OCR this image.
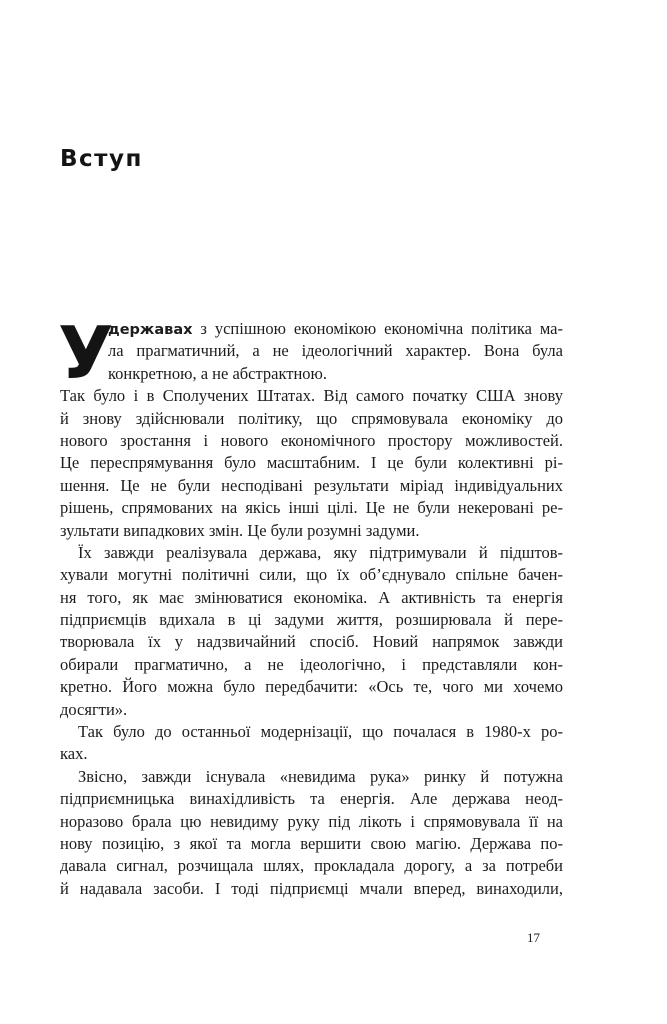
Вступ
У
державах з успішною економікою економічна політика ма-
ла прагматичний, а не ідеологічний характер. Вона була
конкретною, а не абстрактною.
Так було і в Сполучених Штатах. Від самого початку США знову
й знову здійснювали політику, що спрямовувала економіку до
нового зростання і нового економічного простору можливостей.
Це переспрямування було масштабним. І це були колективні рі-
шення. Це не були несподівані результати міріад індивідуальних
рішень, спрямованих на якісь інші цілі. Це не були некеровані ре-
зультати випадкових змін. Це були розумні задуми.
Їх завжди реалізувала держава, яку підтримували й підштов-
хували могутні політичні сили, що їх об’єднувало спільне бачен-
ня того, як має змінюватися економіка. А активність та енергія
підприємців вдихала в ці задуми життя, розширювала й пере-
творювала їх у надзвичайний спосіб. Новий напрямок завжди
обирали прагматично, а не ідеологічно, і представляли кон-
кретно. Його можна було передбачити: «Ось те, чого ми хочемо
досягти».
Так було до останньої модернізації, що почалася в 1980-х ро-
ках.
Звісно, завжди існувала «невидима рука» ринку й потужна
підприємницька винахідливість та енергія. Але держава неод-
норазово брала цю невидиму руку під лікоть і спрямовувала її на
нову позицію, з якої та могла вершити свою магію. Держава по-
давала сигнал, розчищала шлях, прокладала дорогу, а за потреби
й надавала засоби. І тоді підприємці мчали вперед, винаходили,
17
